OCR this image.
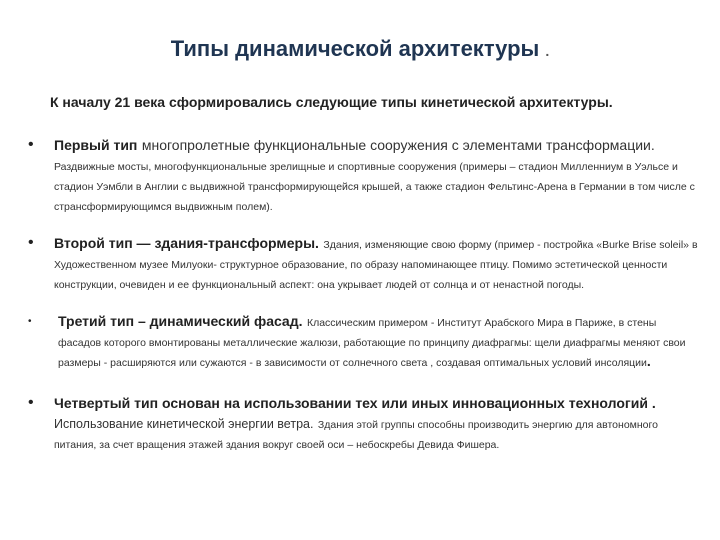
Типы динамической архитектуры .
К началу 21 века сформировались следующие типы кинетической архитектуры.
• Первый тип многопролетные функциональные сооружения с элементами трансформации. Раздвижные мосты, многофункциональные зрелищные и спортивные сооружения (примеры – стадион Милленниум в Уэльсе и стадион Уэмбли в Англии с выдвижной трансформирующейся крышей, а также стадион Фельтинс-Арена в Германии в том числе с странсформирующимся выдвижным полем).
• Второй тип — здания-трансформеры. Здания, изменяющие свою форму (пример - постройка «Burke Brise soleil» в Художественном музее Милуоки- структурное образование, по образу напоминающее птицу. Помимо эстетической ценности конструкции, очевиден и ее функциональный аспект: она укрывает людей от солнца и от ненастной погоды.
• Третий тип – динамический фасад. Классическим примером - Институт Арабского Мира в Париже, в стены фасадов которого вмонтированы металлические жалюзи, работающие по принципу диафрагмы: щели диафрагмы меняют свои размеры - расширяются или сужаются - в зависимости от солнечного света , создавая оптимальных условий инсоляции.
• Четвертый тип основан на использовании тех или иных инновационных технологий . Использование кинетической энергии ветра. Здания этой группы способны производить энергию для автономного питания, за счет вращения этажей здания вокруг своей оси – небоскребы Девида Фишера.
